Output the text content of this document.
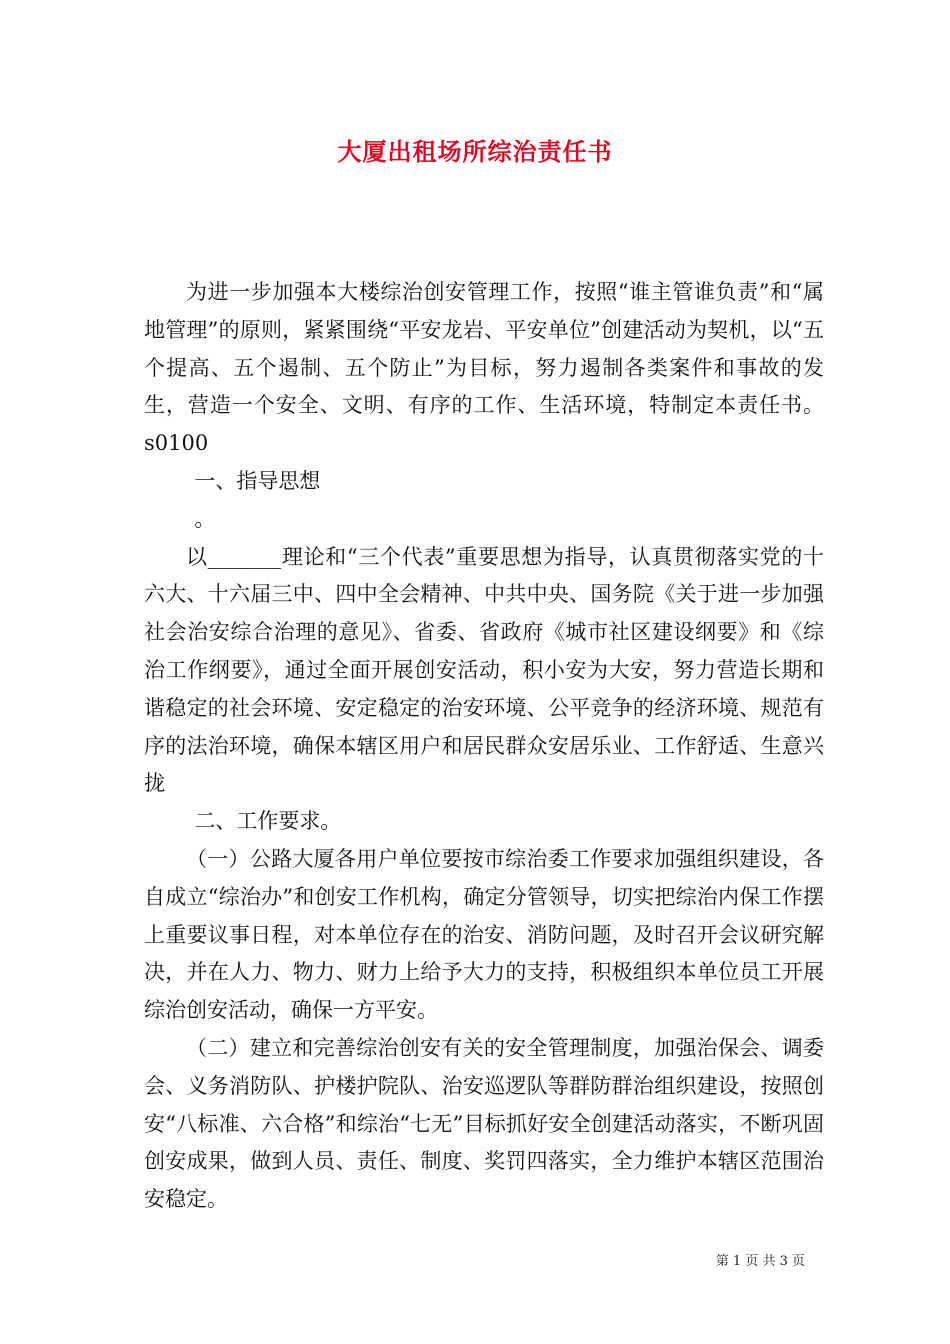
大厦出租场所综治责任书

为进一步加强本大楼综治创安管理工作，按照“谁主管谁负责”和“属地管理”的原则，紧紧围绕“平安龙岩、平安单位”创建活动为契机，以“五个提高、五个遏制、五个防止”为目标，努力遏制各类案件和事故的发生，营造一个安全、文明、有序的工作、生活环境，特制定本责任书。s0100

一、指导思想

。

以_______理论和“三个代表”重要思想为指导，认真贯彻落实党的十六大、十六届三中、四中全会精神、中共中央、国务院《关于进一步加强社会治安综合治理的意见》、省委、省政府《城市社区建设纲要》和《综治工作纲要》，通过全面开展创安活动，积小安为大安，努力营造长期和谐稳定的社会环境、安定稳定的治安环境、公平竞争的经济环境、规范有序的法治环境，确保本辖区用户和居民群众安居乐业、工作舒适、生意兴拢

二、工作要求。

（一）公路大厦各用户单位要按市综治委工作要求加强组织建设，各自成立“综治办”和创安工作机构，确定分管领导，切实把综治内保工作摆上重要议事日程，对本单位存在的治安、消防问题，及时召开会议研究解决，并在人力、物力、财力上给予大力的支持，积极组织本单位员工开展综治创安活动，确保一方平安。

（二）建立和完善综治创安有关的安全管理制度，加强治保会、调委会、义务消防队、护楼护院队、治安巡逻队等群防群治组织建设，按照创安“八标准、六合格”和综治“七无”目标抓好安全创建活动落实，不断巩固创安成果，做到人员、责任、制度、奖罚四落实，全力维护本辖区范围治安稳定。

第 1 页 共 3 页
